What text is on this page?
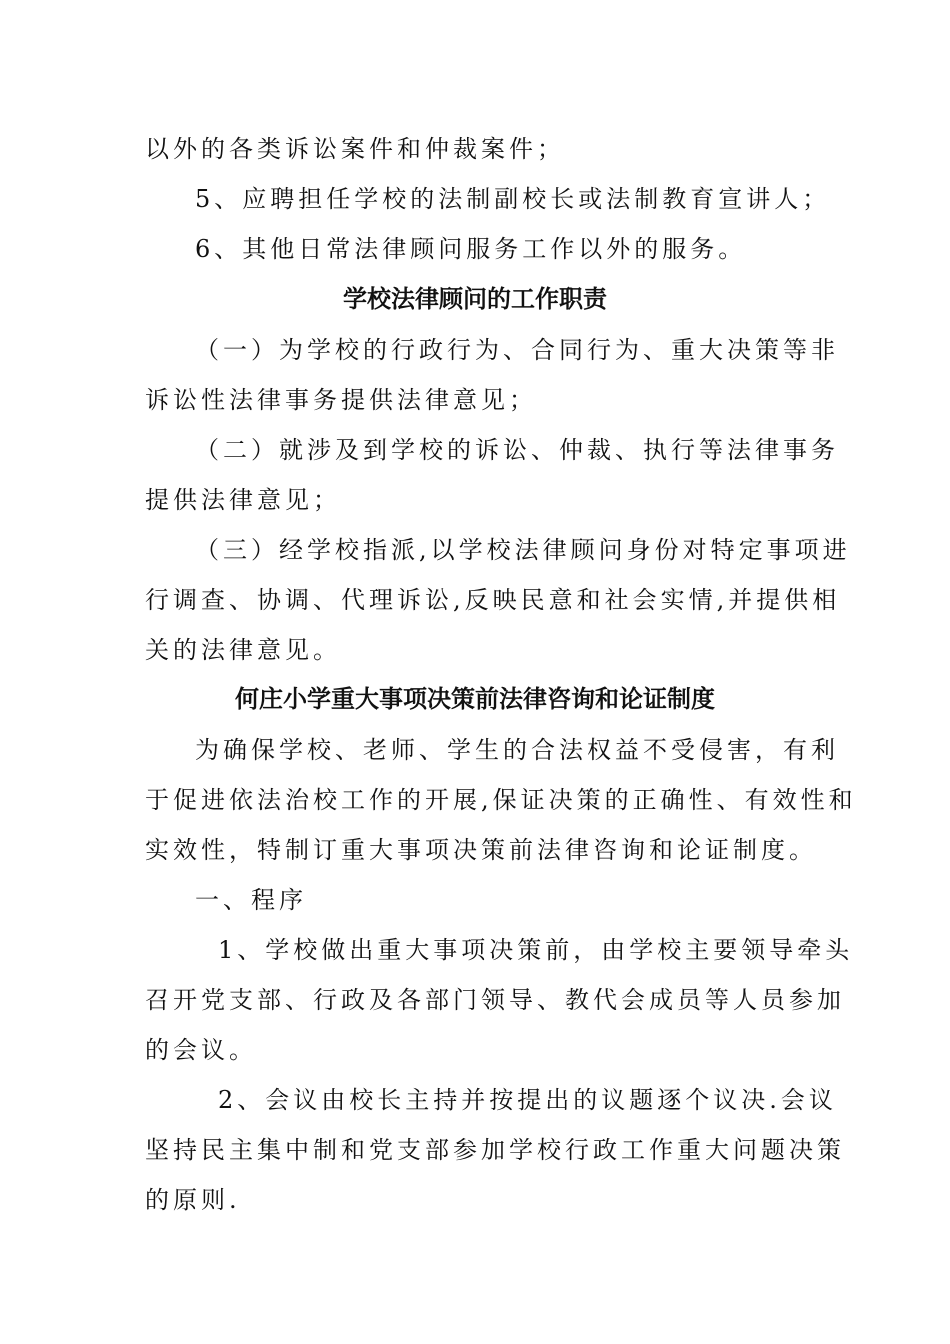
以外的各类诉讼案件和仲裁案件；
5、应聘担任学校的法制副校长或法制教育宣讲人；
6、其他日常法律顾问服务工作以外的服务。
学校法律顾问的工作职责
（一）为学校的行政行为、合同行为、重大决策等非
诉讼性法律事务提供法律意见；
（二）就涉及到学校的诉讼、仲裁、执行等法律事务
提供法律意见；
（三）经学校指派,以学校法律顾问身份对特定事项进
行调查、协调、代理诉讼,反映民意和社会实情,并提供相
关的法律意见。
何庄小学重大事项决策前法律咨询和论证制度
为确保学校、老师、学生的合法权益不受侵害，有利
于促进依法治校工作的开展,保证决策的正确性、有效性和
实效性，特制订重大事项决策前法律咨询和论证制度。
一、程序
1、学校做出重大事项决策前，由学校主要领导牵头
召开党支部、行政及各部门领导、教代会成员等人员参加
的会议。
2、会议由校长主持并按提出的议题逐个议决.会议
坚持民主集中制和党支部参加学校行政工作重大问题决策
的原则.
